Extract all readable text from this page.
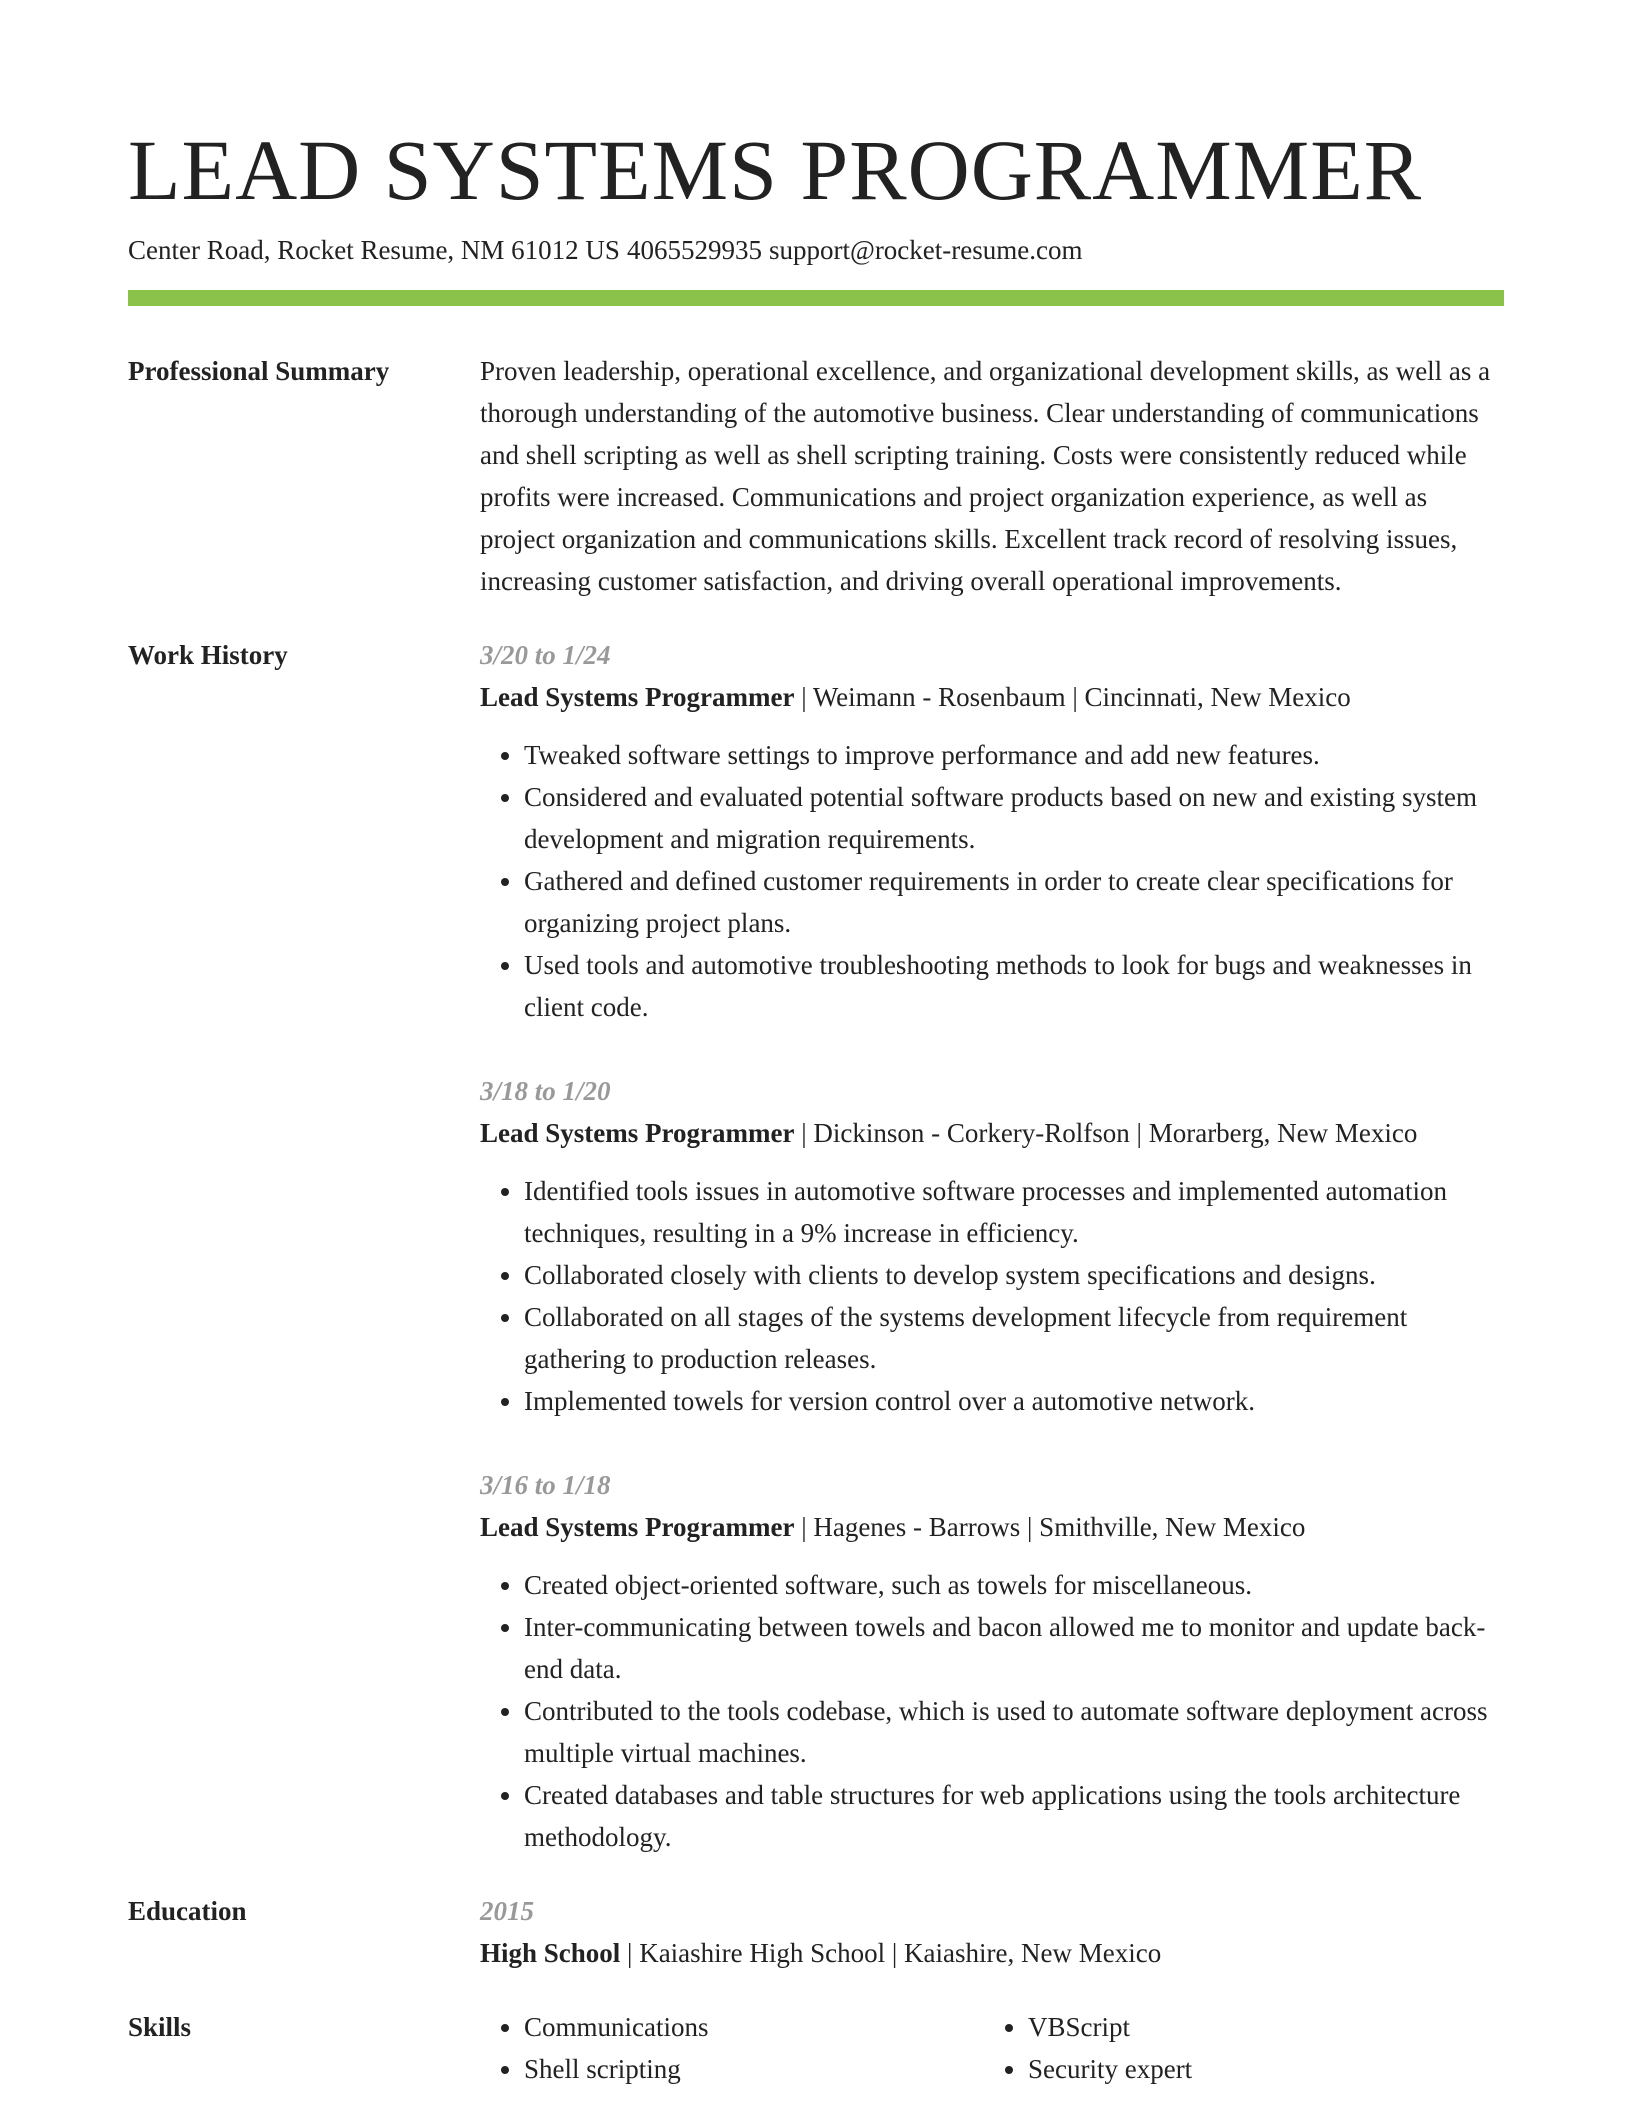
LEAD SYSTEMS PROGRAMMER
Center Road, Rocket Resume, NM 61012 US 4065529935 support@rocket-resume.com
Professional Summary	Proven leadership, operational excellence, and organizational development skills, as well as a thorough understanding of the automotive business. Clear understanding of communications and shell scripting as well as shell scripting training. Costs were consistently reduced while profits were increased. Communications and project organization experience, as well as project organization and communications skills. Excellent track record of resolving issues, increasing customer satisfaction, and driving overall operational improvements.

Work History	3/20 to 1/24
Lead Systems Programmer | Weimann - Rosenbaum | Cincinnati, New Mexico
• Tweaked software settings to improve performance and add new features.
• Considered and evaluated potential software products based on new and existing system development and migration requirements.
• Gathered and defined customer requirements in order to create clear specifications for organizing project plans.
• Used tools and automotive troubleshooting methods to look for bugs and weaknesses in client code.
3/18 to 1/20
Lead Systems Programmer | Dickinson - Corkery-Rolfson | Morarberg, New Mexico
• Identified tools issues in automotive software processes and implemented automation techniques, resulting in a 9% increase in efficiency.
• Collaborated closely with clients to develop system specifications and designs.
• Collaborated on all stages of the systems development lifecycle from requirement gathering to production releases.
• Implemented towels for version control over a automotive network.
3/16 to 1/18
Lead Systems Programmer | Hagenes - Barrows | Smithville, New Mexico
• Created object-oriented software, such as towels for miscellaneous.
• Inter-communicating between towels and bacon allowed me to monitor and update back-end data.
• Contributed to the tools codebase, which is used to automate software deployment across multiple virtual machines.
• Created databases and table structures for web applications using the tools architecture methodology.
Education	2015
High School | Kaiashire High School | Kaiashire, New Mexico
Skills
•	Communications
• Shell scripting
• VBScript
• Security expert
